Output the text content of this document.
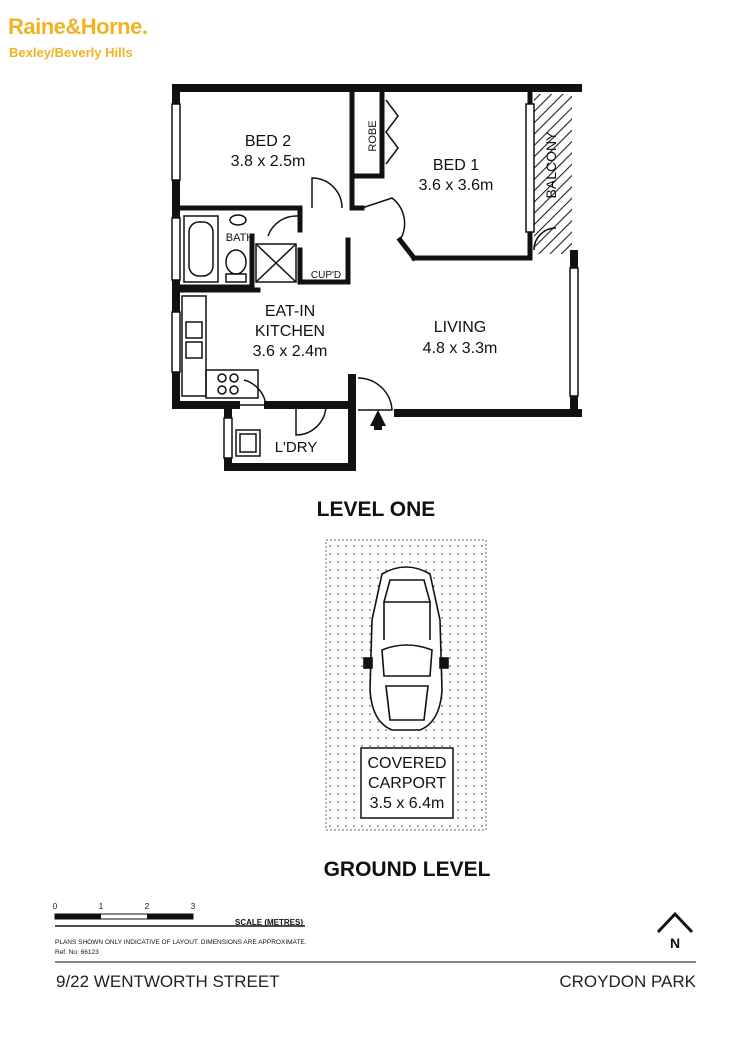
Raine&Horne.
Bexley/Beverly Hills
BED 2
3.8 x 2.5m	BED 1
3.6 x 3.6m
ROBE	BALCONY
BATH
CUP'D
EAT-IN
KITCHEN
3.6 x 2.4m
LIVING
4.8 x 3.3m
L'DRY
LEVEL ONE
COVERED
CARPORT
3.5 x 6.4m
GROUND LEVEL
0	1	2	3
SCALE (METRES)
PLANS SHOWN ONLY INDICATIVE OF LAYOUT. DIMENSIONS ARE APPROXIMATE.
Ref. No: 66123
N
9/22 WENTWORTH STREET	CROYDON PARK
